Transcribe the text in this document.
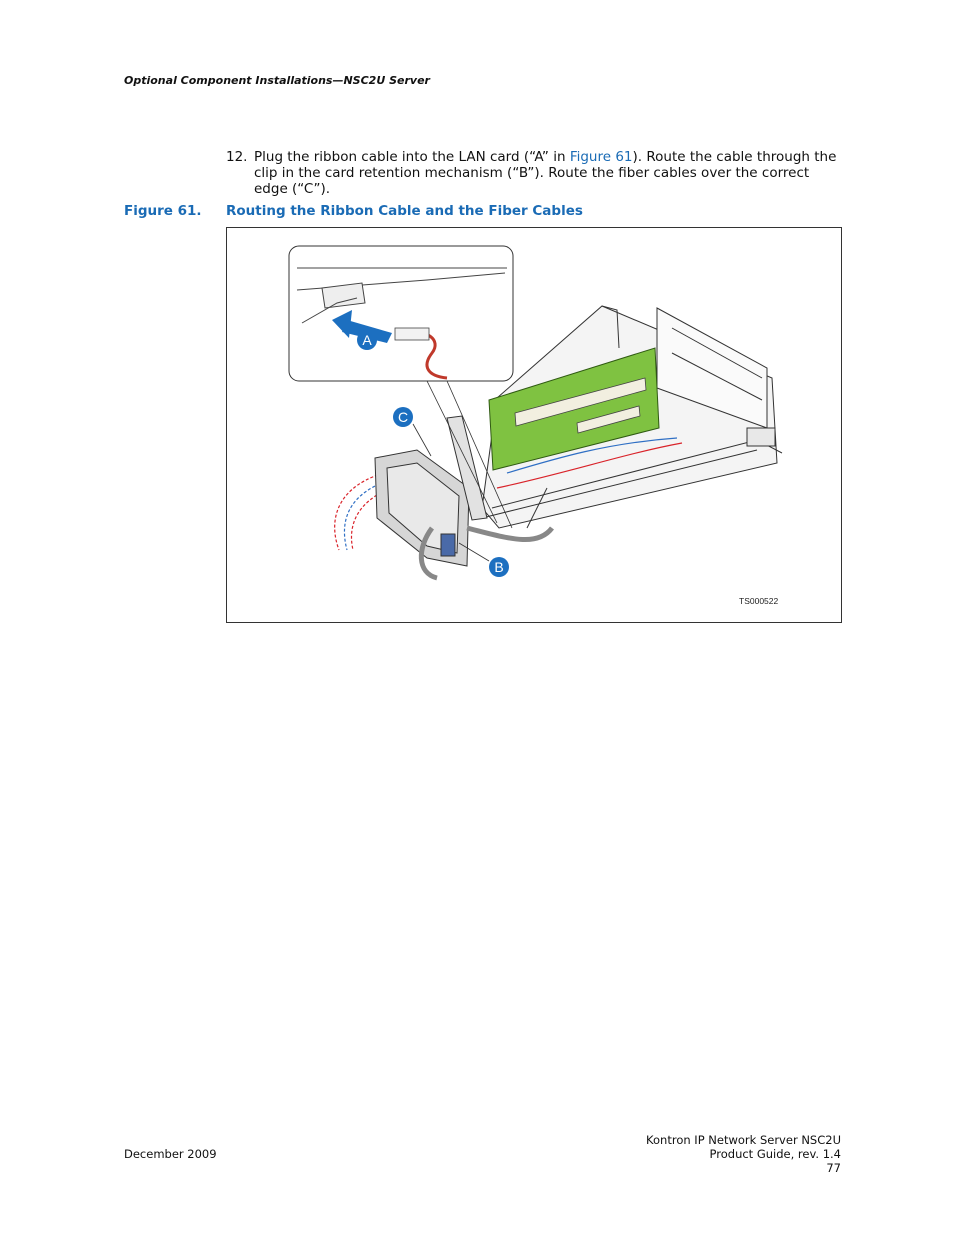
Optional Component Installations—NSC2U Server
12. Plug the ribbon cable into the LAN card (“A” in Figure 61). Route the cable through the clip in the card retention mechanism (“B”). Route the fiber cables over the correct edge (“C”).
Figure 61. Routing the Ribbon Cable and the Fiber Cables
A
C
B
TS000522
December 2009
Kontron IP Network Server NSC2U
Product Guide, rev. 1.4
77
